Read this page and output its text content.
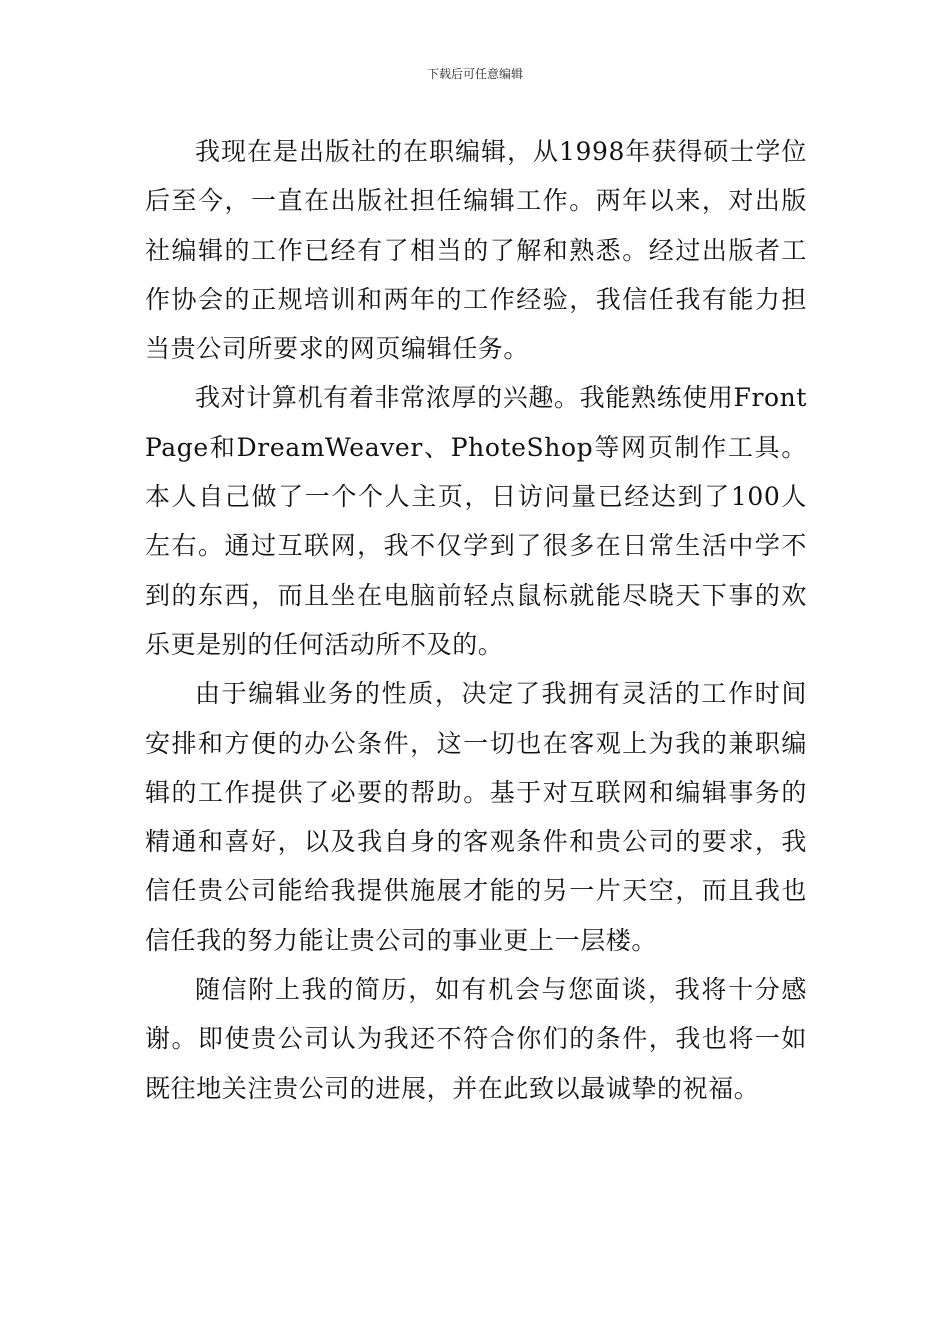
下载后可任意编辑

我现在是出版社的在职编辑，从1998年获得硕士学位后至今，一直在出版社担任编辑工作。两年以来，对出版社编辑的工作已经有了相当的了解和熟悉。经过出版者工作协会的正规培训和两年的工作经验，我信任我有能力担当贵公司所要求的网页编辑任务。

我对计算机有着非常浓厚的兴趣。我能熟练使用FrontPage和DreamWeaver、PhoteShop等网页制作工具。本人自己做了一个个人主页，日访问量已经达到了100人左右。通过互联网，我不仅学到了很多在日常生活中学不到的东西，而且坐在电脑前轻点鼠标就能尽晓天下事的欢乐更是别的任何活动所不及的。

由于编辑业务的性质，决定了我拥有灵活的工作时间安排和方便的办公条件，这一切也在客观上为我的兼职编辑的工作提供了必要的帮助。基于对互联网和编辑事务的精通和喜好，以及我自身的客观条件和贵公司的要求，我信任贵公司能给我提供施展才能的另一片天空，而且我也信任我的努力能让贵公司的事业更上一层楼。

随信附上我的简历，如有机会与您面谈，我将十分感谢。即使贵公司认为我还不符合你们的条件，我也将一如既往地关注贵公司的进展，并在此致以最诚挚的祝福。
